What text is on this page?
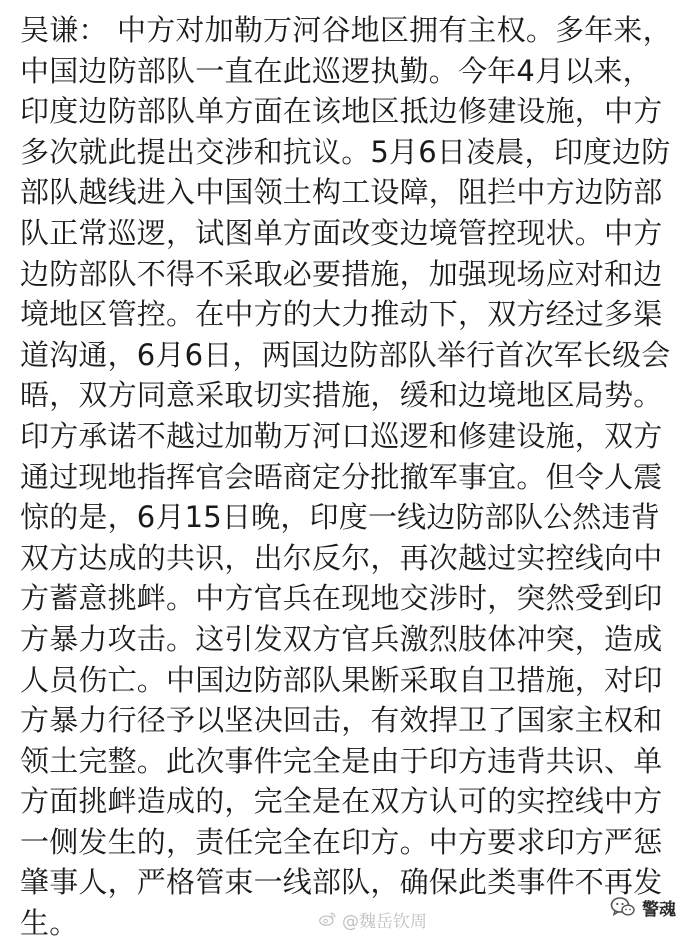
吴谦： 中方对加勒万河谷地区拥有主权。多年来，
中国边防部队一直在此巡逻执勤。今年4月以来，
印度边防部队单方面在该地区抵边修建设施，中方
多次就此提出交涉和抗议。5月6日凌晨，印度边防
部队越线进入中国领土构工设障，阻拦中方边防部
队正常巡逻，试图单方面改变边境管控现状。中方
边防部队不得不采取必要措施，加强现场应对和边
境地区管控。在中方的大力推动下，双方经过多渠
道沟通，6月6日，两国边防部队举行首次军长级会
晤，双方同意采取切实措施，缓和边境地区局势。
印方承诺不越过加勒万河口巡逻和修建设施，双方
通过现地指挥官会晤商定分批撤军事宜。但令人震
惊的是，6月15日晚，印度一线边防部队公然违背
双方达成的共识，出尔反尔，再次越过实控线向中
方蓄意挑衅。中方官兵在现地交涉时，突然受到印
方暴力攻击。这引发双方官兵激烈肢体冲突，造成
人员伤亡。中国边防部队果断采取自卫措施，对印
方暴力行径予以坚决回击，有效捍卫了国家主权和
领土完整。此次事件完全是由于印方违背共识、单
方面挑衅造成的，完全是在双方认可的实控线中方
一侧发生的，责任完全在印方。中方要求印方严惩
肇事人，严格管束一线部队，确保此类事件不再发
生。	@魏岳钦周
警魂
